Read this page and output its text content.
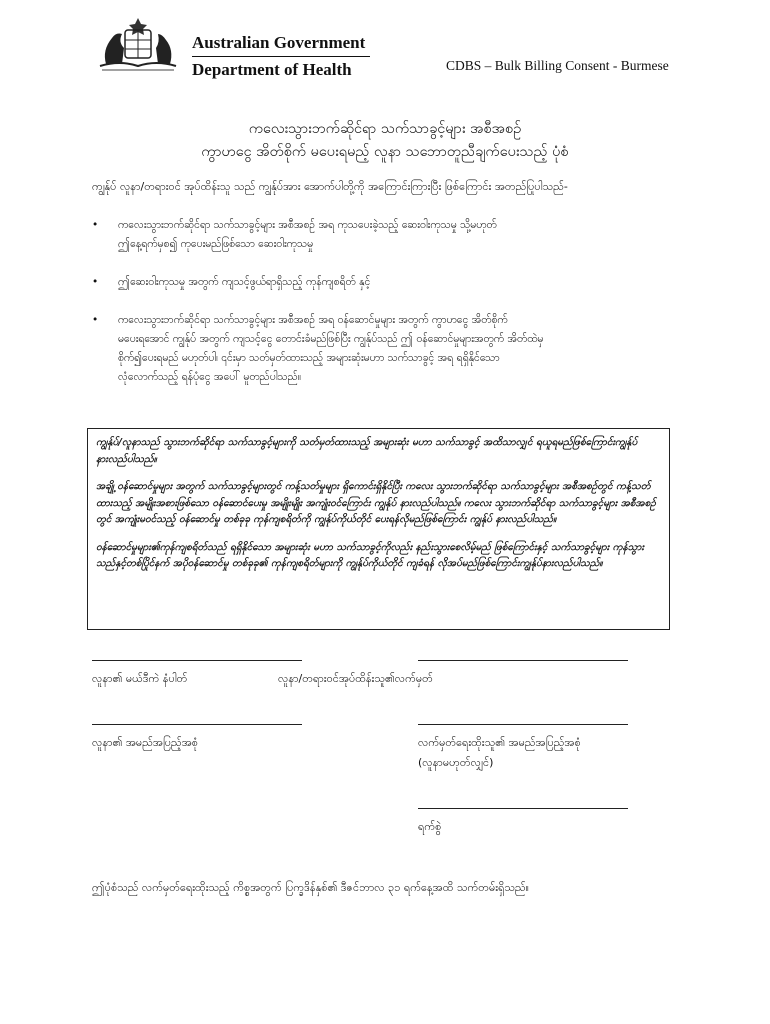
Australian Government
Department of Health	CDBS – Bulk Billing Consent - Burmese
ကလေးသွားဘက်ဆိုင်ရာ သက်သာခွင့်များ အစီအစဉ်
ကွာဟငွေ အိတ်စိုက် မပေးရမည့် လူနာ သဘောတူညီချက်ပေးသည့် ပုံစံ
ကျွန်ုပ် လူနာ/တရားဝင် အုပ်ထိန်းသူ သည် ကျွန်ုပ်အား အောက်ပါတို့ကို အကြောင်းကြားပြီး ဖြစ်ကြောင်း အတည်ပြုပါသည်-
• ကလေးသွားဘက်ဆိုင်ရာ သက်သာခွင့်များ အစီအစဉ် အရ ကုသပေးခဲ့သည့် ဆေးဝါးကုသမှု သို့မဟုတ်
ဤနေ့ရက်မှစ၍ ကုပေးမည်ဖြစ်သော ဆေးဝါးကုသမှု
• ဤဆေးဝါးကုသမှု အတွက် ကျသင့်ဖွယ်ရာရှိသည့် ကုန်ကျစရိတ် နှင့်
• ကလေးသွားဘက်ဆိုင်ရာ သက်သာခွင့်များ အစီအစဉ် အရ ဝန်ဆောင်မှုများ အတွက် ကွာဟငွေ အိတ်စိုက်
မပေးရအောင် ကျွန်ုပ် အတွက် ကျသင့်ငွေ တောင်းခံမည်ဖြစ်ပြီး ကျွန်ုပ်သည် ဤ ဝန်ဆောင်မှုများအတွက် အိတ်ထဲမှ
စိုက်၍ပေးရမည် မဟုတ်ပါ၊ ၎င်းမှာ သတ်မှတ်ထားသည့် အများဆုံးမဟာ သက်သာခွင့် အရ ရရှိနိုင်သော
လုံလောက်သည့် ရန်ပုံငွေ အပေါ် မူတည်ပါသည်။

ကျွန်ုပ်/လူနာသည် သွားဘက်ဆိုင်ရာ သက်သာခွင့်များကို သတ်မှတ်ထားသည့် အများဆုံး မဟာ သက်သာခွင့် အထိသာလျှင် ရယူရမည်ဖြစ်ကြောင်းကျွန်ုပ် နားလည်ပါသည်။

အချို့ ဝန်ဆောင်မှုများ အတွက် သက်သာခွင့်များတွင် ကန့်သတ်မှုများ ရှိကောင်းရှိနိုင်ပြီး ကလေး သွားဘက်ဆိုင်ရာ သက်သာခွင့်များ အစီအစဉ်တွင် ကန့်သတ်ထားသည့် အမျိုးအစားဖြစ်သော ဝန်ဆောင်ပေးမှု အမျိုးမျိုး အကျုံးဝင်ကြောင်း ကျွန်ုပ် နားလည်ပါသည်။ ကလေး သွားဘက်ဆိုင်ရာ သက်သာခွင့်များ အစီအစဉ်တွင် အကျုံးမဝင်သည့် ဝန်ဆောင်မှု တစ်ခုခု ကုန်ကျစရိတ်ကို ကျွန်ုပ်ကိုယ်တိုင် ပေးရန်လိုမည်ဖြစ်ကြောင်း ကျွန်ုပ် နားလည်ပါသည်။

ဝန်ဆောင်မှုများ၏ကုန်ကျစရိတ်သည် ရရှိနိုင်သော အများဆုံး မဟာ သက်သာခွင့်ကိုလည်း နည်းသွားစေလိမ့်မည် ဖြစ်ကြောင်းနှင့် သက်သာခွင့်များ ကုန်သွားသည်နှင့်တစ်ပြိုင်နက် အပိုဝန်ဆောင်မှု တစ်ခုခု၏ ကုန်ကျစရိတ်များကို ကျွန်ုပ်ကိုယ်တိုင် ကျခံရန် လိုအပ်မည်ဖြစ်ကြောင်းကျွန်ုပ်နားလည်ပါသည်။

လူနာ၏ မယ်ဒီကဲ နံပါတ်	လူနာ/တရားဝင်အုပ်ထိန်းသူ၏လက်မှတ်
လူနာ၏ အမည်အပြည့်အစုံ	လက်မှတ်ရေးထိုးသူ၏ အမည်အပြည့်အစုံ
(လူနာမဟုတ်လျှင်)
ရက်စွဲ
ဤပုံစံသည် လက်မှတ်ရေးထိုးသည့် ကိစ္စအတွက် ပြက္ခဒိန်နှစ်၏ ဒီဇင်ဘာလ ၃၁ ရက်နေ့အထိ သက်တမ်းရှိသည်။
